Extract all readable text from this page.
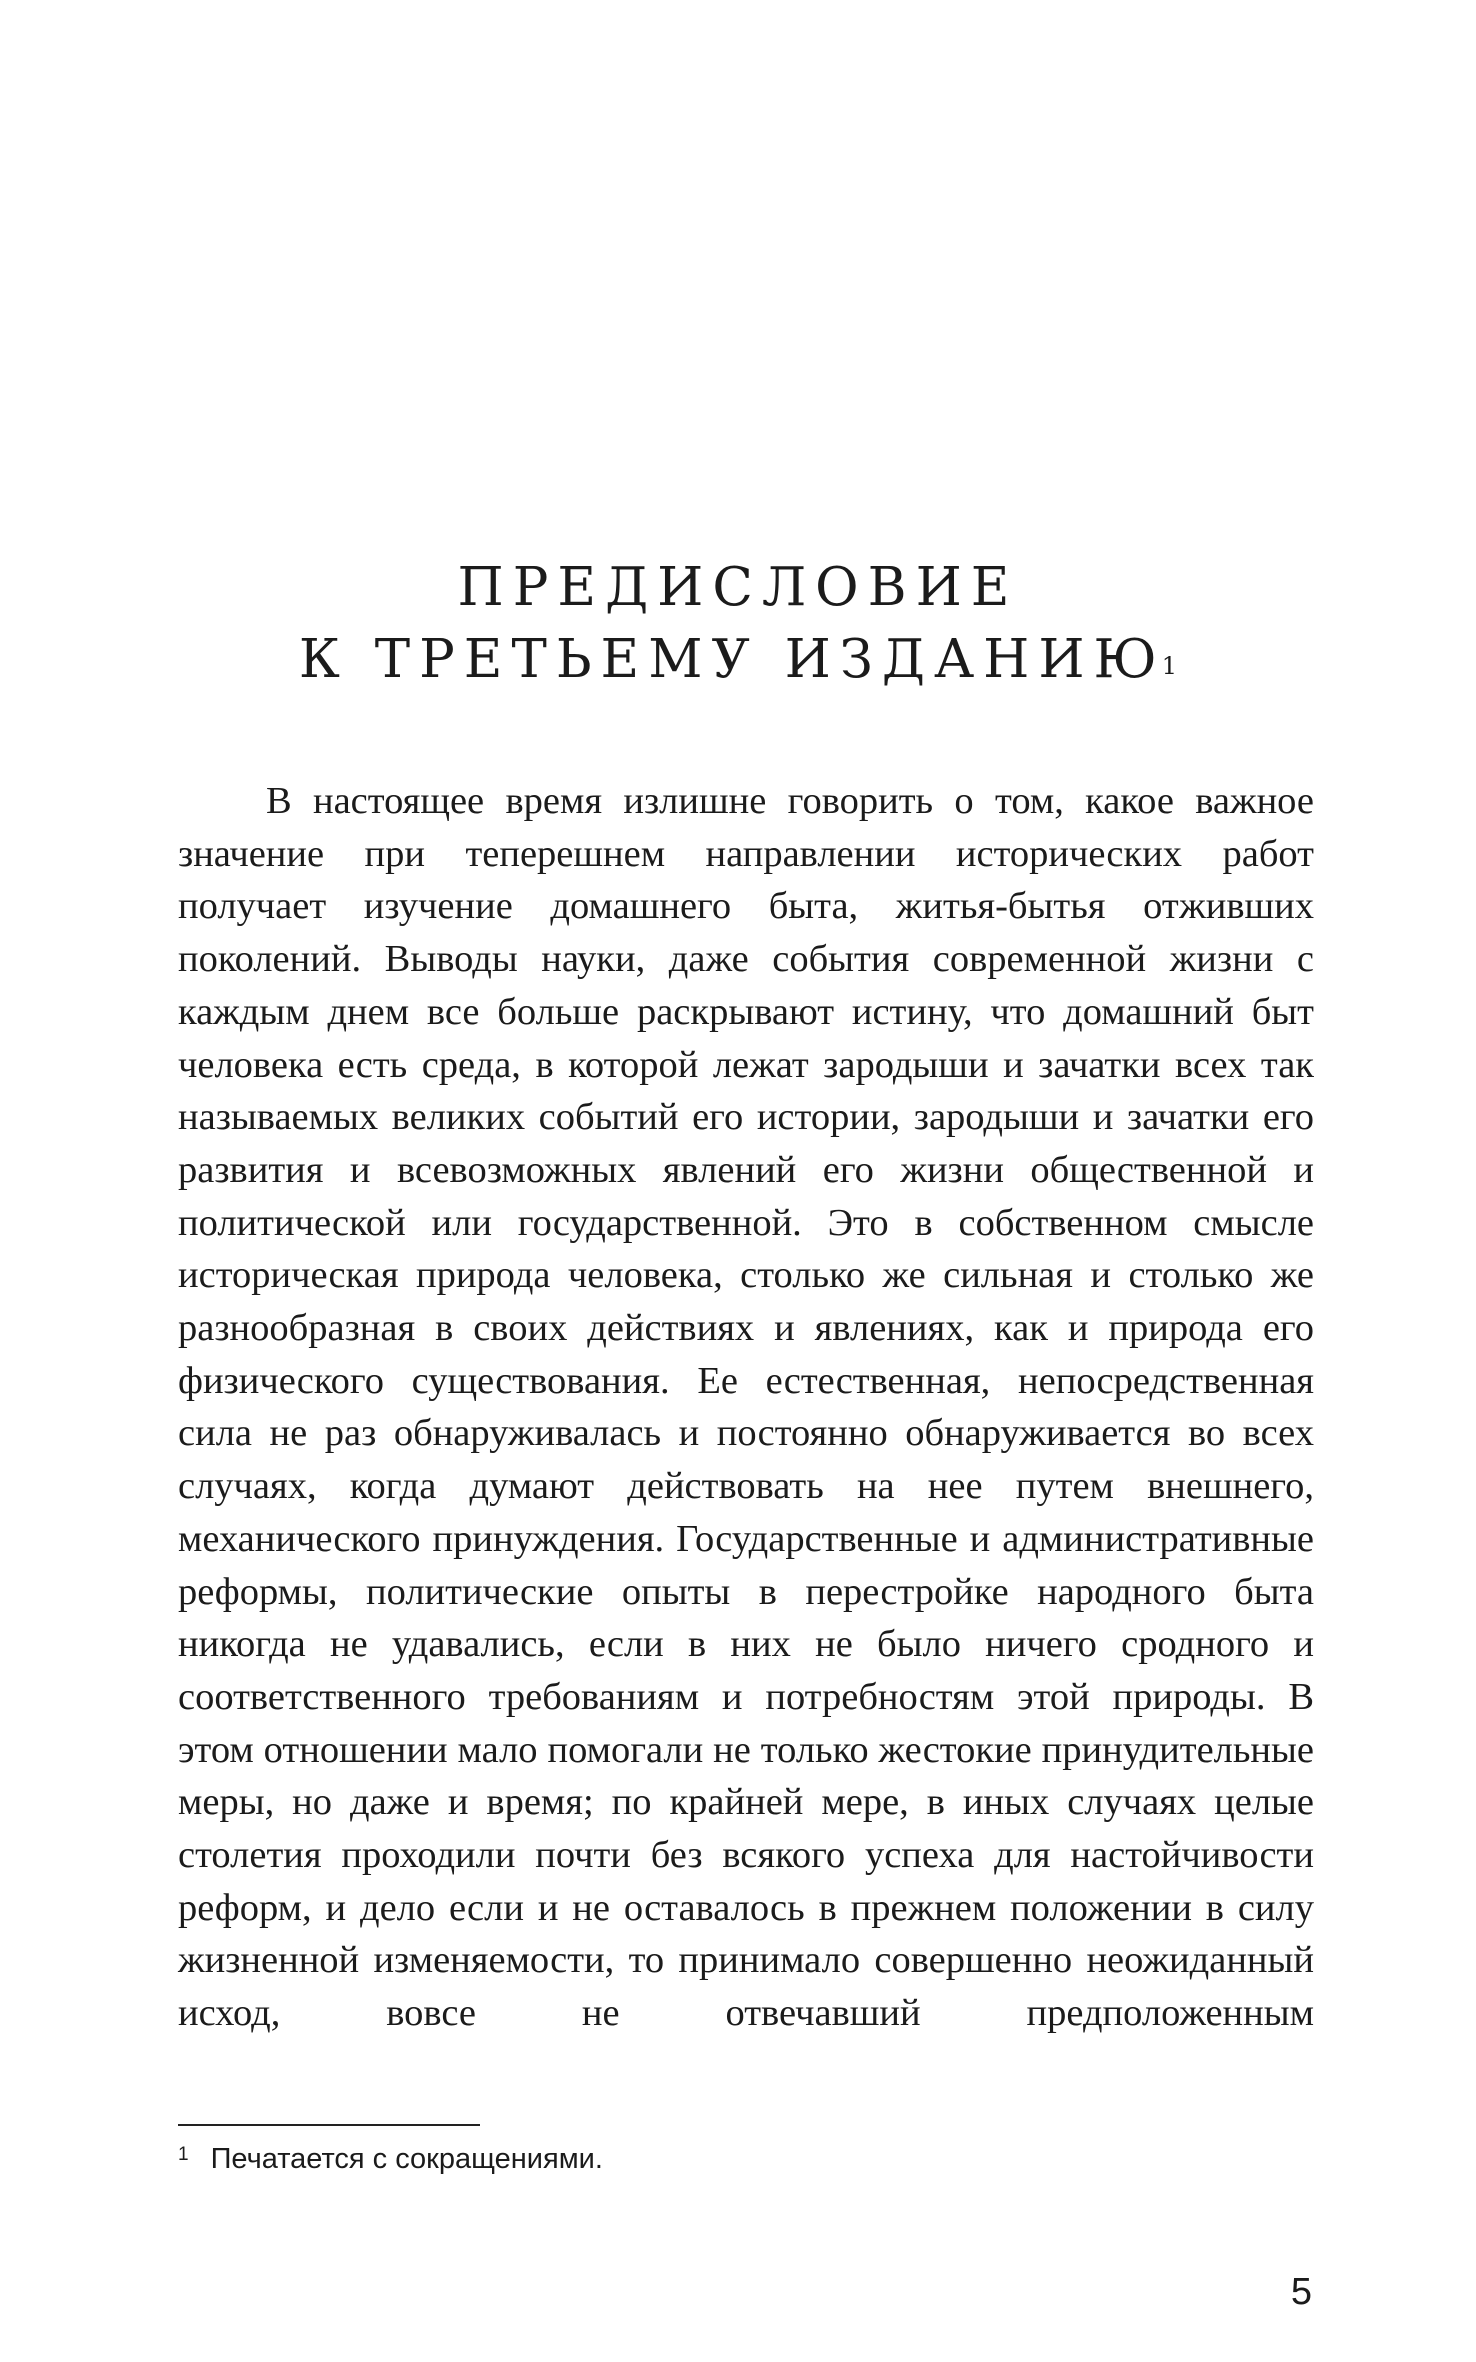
ПРЕДИСЛОВИЕ
К ТРЕТЬЕМУ ИЗДАНИЮ$^1$

В настоящее время излишне говорить о том, какое важное значение при теперешнем направлении исторических работ получает изучение домашнего быта, житья-бытья отживших поколений. Выводы науки, даже события современной жизни с каждым днем все больше раскрывают истину, что домашний быт человека есть среда, в которой лежат зародыши и зачатки всех так называемых великих событий его истории, зародыши и зачатки его развития и всевозможных явлений его жизни общественной и политической или государственной. Это в собственном смысле историческая природа человека, столько же сильная и столько же разнообразная в своих действиях и явлениях, как и природа его физического существования. Ее естественная, непосредственная сила не раз обнаруживалась и постоянно обнаруживается во всех случаях, когда думают действовать на нее путем внешнего, механического принуждения. Государственные и административные реформы, политические опыты в перестройке народного быта никогда не удавались, если в них не было ничего сродного и соответственного требованиям и потребностям этой природы. В этом отношении мало помогали не только жестокие принудительные меры, но даже и время; по крайней мере, в иных случаях целые столетия проходили почти без всякого успеха для настойчивости реформ, и дело если и не оставалось в прежнем положении в силу жизненной изменяемости, то принимало совершенно неожиданный исход, вовсе не отвечавший предположенным

$^1$ Печатается с сокращениями.

5
